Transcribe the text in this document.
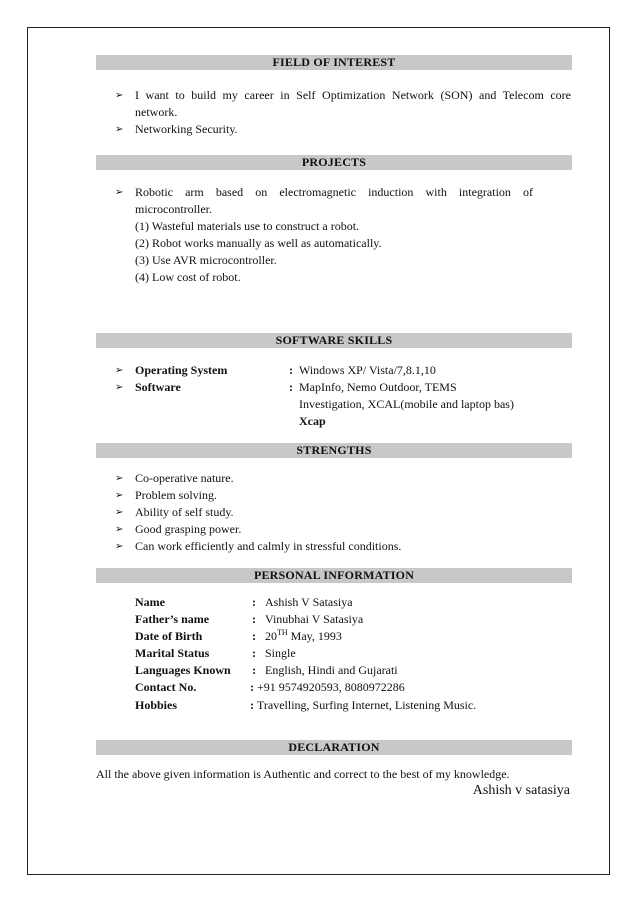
FIELD OF INTEREST
➢ I want to build my career in Self Optimization Network (SON) and Telecom core
network.
➢ Networking Security.
PROJECTS
➢ Robotic arm based on electromagnetic induction with integration of
microcontroller.
(1) Wasteful materials use to construct a robot.
(2) Robot works manually as well as automatically.
(3) Use AVR microcontroller.
(4) Low cost of robot.
SOFTWARE SKILLS
➢ Operating System	: Windows XP/ Vista/7,8.1,10
➢ Software	: MapInfo, Nemo Outdoor, TEMS
Investigation, XCAL(mobile and laptop bas)
Xcap
STRENGTHS
➢ Co-operative nature.
➢ Problem solving.
➢ Ability of self study.
➢ Good grasping power.
➢ Can work efficiently and calmly in stressful conditions.
PERSONAL INFORMATION
Name	: Ashish V Satasiya
Father’s name	: Vinubhai V Satasiya
Date of Birth	: 20TH May, 1993
Marital Status	: Single
Languages Known : English, Hindi and Gujarati
Contact No.	: +91 9574920593, 8080972286
Hobbies	: Travelling, Surfing Internet, Listening Music.
DECLARATION
All the above given information is Authentic and correct to the best of my knowledge.
Ashish v satasiya
